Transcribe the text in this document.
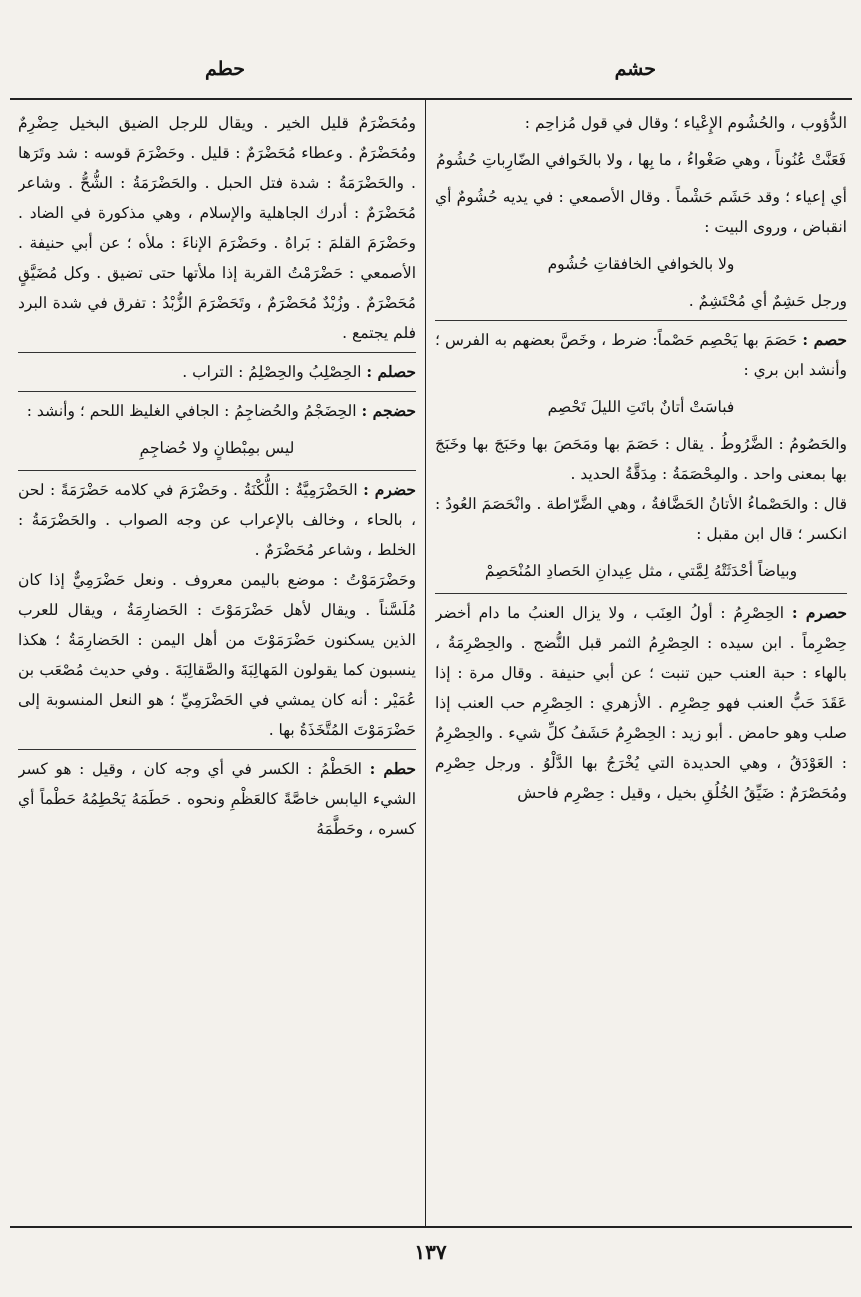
حشم
حطم

الدُّؤوب ، والحُشُوم الإِعْياء ؛ وقال في قول مُزاحِم :

فَعَنَّتْ عُنُوناً ، وهي صَغْواءُ ، ما بِها ، ولا بالخَوافي الضّارِباتِ حُشُومُ

أي إعياء ؛ وقد حَشَم حَشْماً . وقال الأصمعي : في يديه حُشُومٌ أي انقباض ، وروى البيت :

ولا بالخوافي الخافقاتِ حُشُوم

ورجل حَشِمٌ أي مُحْتَشِمٌ .

حصم : حَصَمَ بها يَحْصِم حَصْماً: ضرط ، وخَصَّ بعضهم به الفرس ؛ وأنشد ابن بري :

فباسَتْ أتانٌ باتَتِ الليلَ تَحْصِم

والحَصُومُ : الضَّرُوطُ . يقال : حَصَمَ بها ومَحَصَ بها وحَبَجَ بها وخَبَجَ بها بمعنى واحد . والمِحْصَمَةُ : مِدَقَّةُ الحديد .

قال : والحَصْماءُ الأتانُ الحَضَّافةُ ، وهي الضَّرّاطة . وانْحَصَمَ العُودُ : انكسر ؛ قال ابن مقبل :

وبياضاً أحْدَثَتْهُ لِمَّتي ، مثل عِيدانِ الحَصادِ المُنْحَصِمْ

حصرم : الحِصْرِمُ : أولُ العِنَب ، ولا يزال العنبُ ما دام أخضر حِصْرِماً . ابن سيده : الحِصْرِمُ الثمر قبل النُّضج . والحِصْرِمَةُ ، بالهاء : حبة العنب حين تنبت ؛ عن أبي حنيفة . وقال مرة : إذا عَقَدَ حَبُّ العنب فهو حِصْرِم . الأزهري : الحِصْرِم حب العنب إذا صلب وهو حامض . أبو زيد : الحِصْرِمُ حَشَفُ كلِّ شيء . والحِصْرِمُ : العَوْدَقُ ، وهي الحديدة التي يُخْرَجُ بها الدَّلْوُ . ورجل حِصْرِم ومُحَصْرَمٌ : ضَيِّقُ الخُلُقِ بخيل ، وقيل : حِصْرِم فاحش

ومُحَضْرَمٌ قليل الخير . ويقال للرجل الضيق البخيل حِضْرِمٌ ومُحَضْرَمٌ . وعطاء مُحَضْرَمٌ : قليل . وحَضْرَمَ قوسه : شد وتَرَها . والحَضْرَمَةُ : شدة فتل الحبل . والحَضْرَمَةُ : الشُّحُّ . وشاعر مُحَضْرَمٌ : أدرك الجاهلية والإسلام ، وهي مذكورة في الضاد . وحَضْرَمَ القلمَ : بَراهُ . وحَضْرَمَ الإناءَ : ملأه ؛ عن أبي حنيفة . الأصمعي : حَضْرَمْتُ القربة إذا ملأتها حتى تضيق . وكل مُضَيَّقٍ مُحَضْرَمٌ . وزُبْدٌ مُحَضْرَمٌ ، وتَحَضْرَمَ الزُّبْدُ : تفرق في شدة البرد فلم يجتمع .

حصلم : الحِصْلِبُ والحِصْلِمُ : التراب .

حضجم : الحِضَجْمُ والحُضاجِمُ : الجافي الغليظ اللحم ؛ وأنشد :

ليس بمِبْطانٍ ولا حُضاجِمِ

حضرم : الحَضْرَمِيَّةُ : اللُّكْنَةُ . وحَضْرَمَ في كلامه حَضْرَمَةً : لحن ، بالحاء ، وخالف بالإعراب عن وجه الصواب . والحَضْرَمَةُ : الخلط ، وشاعر مُحَضْرَمٌ .

وحَضْرَمَوْتُ : موضع باليمن معروف . ونعل حَضْرَمِيٌّ إذا كان مُلَسَّناً . ويقال لأهل حَضْرَمَوْتَ : الحَضارِمَةُ ، ويقال للعرب الذين يسكنون حَضْرَمَوْتَ من أهل اليمن : الحَضارِمَةُ ؛ هكذا ينسبون كما يقولون المَهالِبَةَ والصَّقالِبَةَ . وفي حديث مُصْعَب بن عُمَيْر : أنه كان يمشي في الحَضْرَمِيِّ ؛ هو النعل المنسوبة إلى حَضْرَمَوْتَ المُتَّخَذَةُ بها .

حطم : الحَطْمُ : الكسر في أي وجه كان ، وقيل : هو كسر الشيء اليابس خاصَّةً كالعَظْمِ ونحوه . حَطَمَهُ يَحْطِمُهُ حَطْماً أي كسره ، وحَطَّمَهُ

١٣٧
